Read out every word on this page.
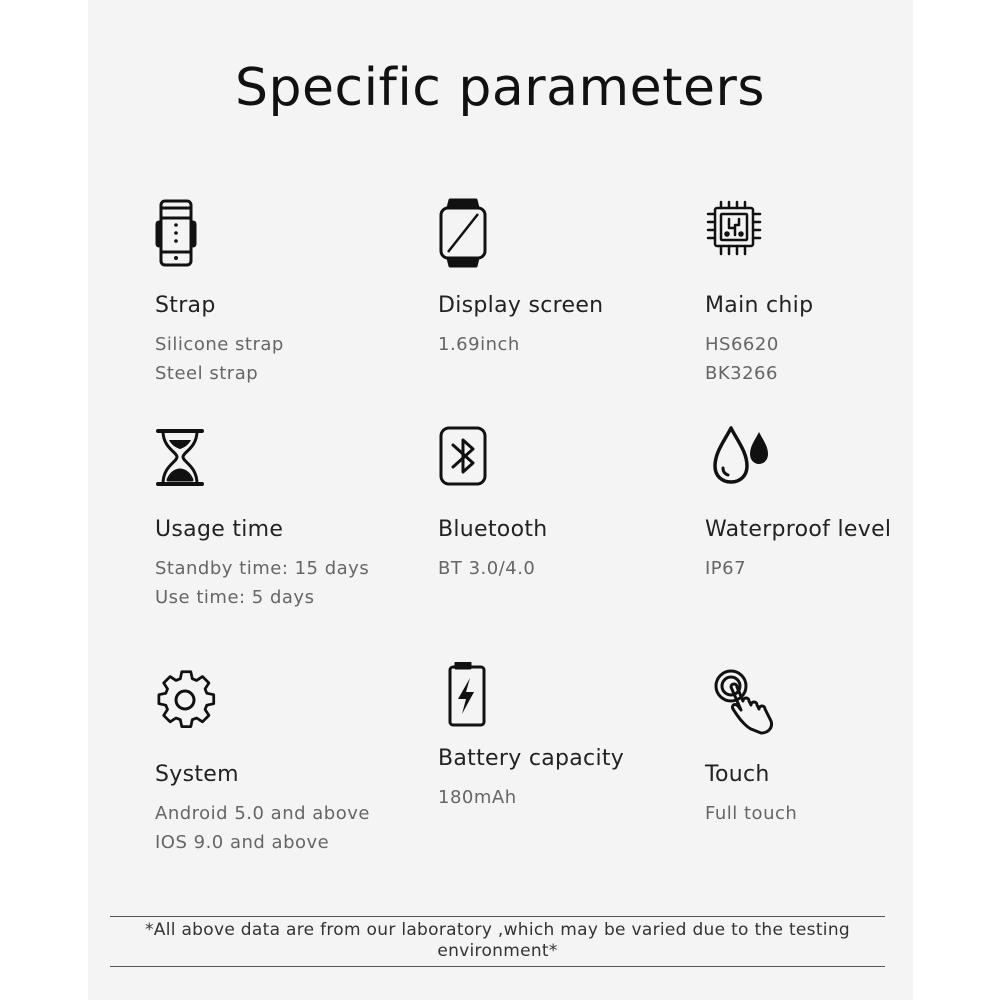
Specific parameters
Strap
Silicone strap
Steel strap
Display screen
1.69inch
Main chip
HS6620
BK3266
Usage time
Standby time: 15 days
Use time: 5 days
Bluetooth
BT 3.0/4.0
Waterproof level
IP67
System
Android 5.0 and above
IOS 9.0 and above
Battery capacity
180mAh
Touch
Full touch
*All above data are from our laboratory ,which may be varied due to the testing environment*
